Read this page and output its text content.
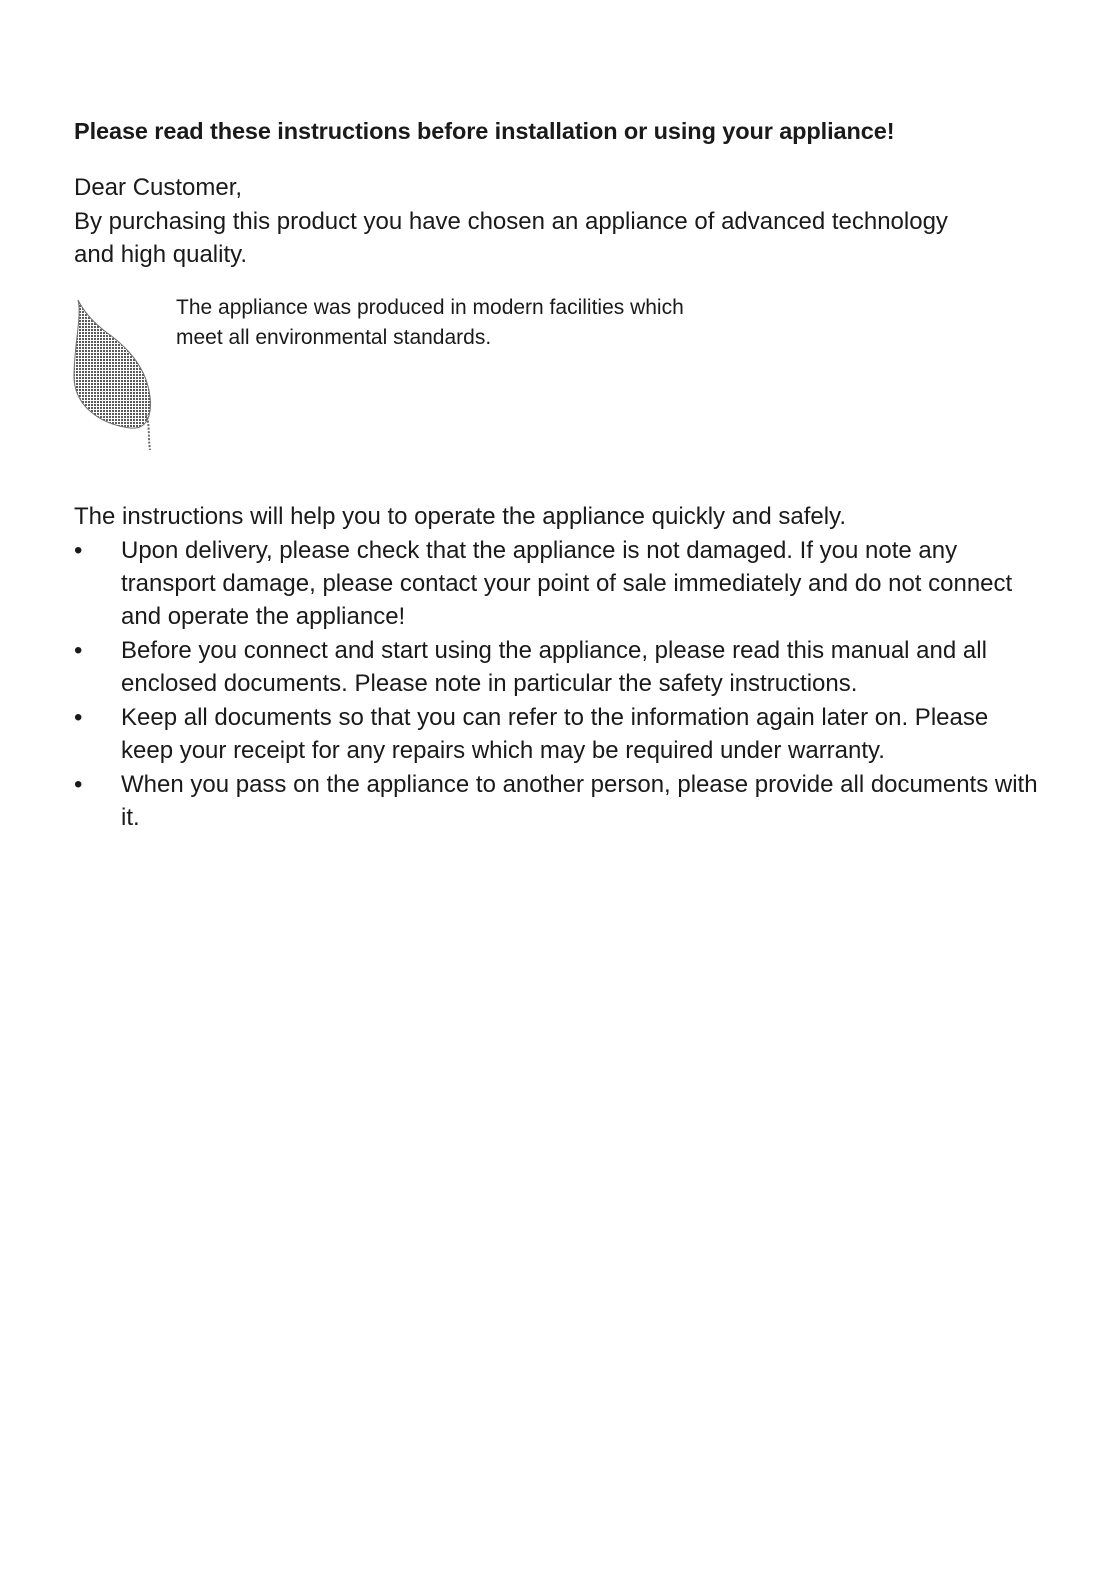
Please read these instructions before installation or using your appliance!
Dear Customer,
By purchasing this product you have chosen an appliance of advanced technology and high quality.
The appliance was produced in modern facilities which
meet all environmental standards.
The instructions will help you to operate the appliance quickly and safely.
•	Upon delivery, please check that the appliance is not damaged. If you note any transport damage, please contact your point of sale immediately and do not connect and operate the appliance!
•	Before you connect and start using the appliance, please read this manual and all enclosed documents. Please note in particular the safety instructions.
•	Keep all documents so that you can refer to the information again later on. Please keep your receipt for any repairs which may be required under warranty.
•	When you pass on the appliance to another person, please provide all documents with it.
